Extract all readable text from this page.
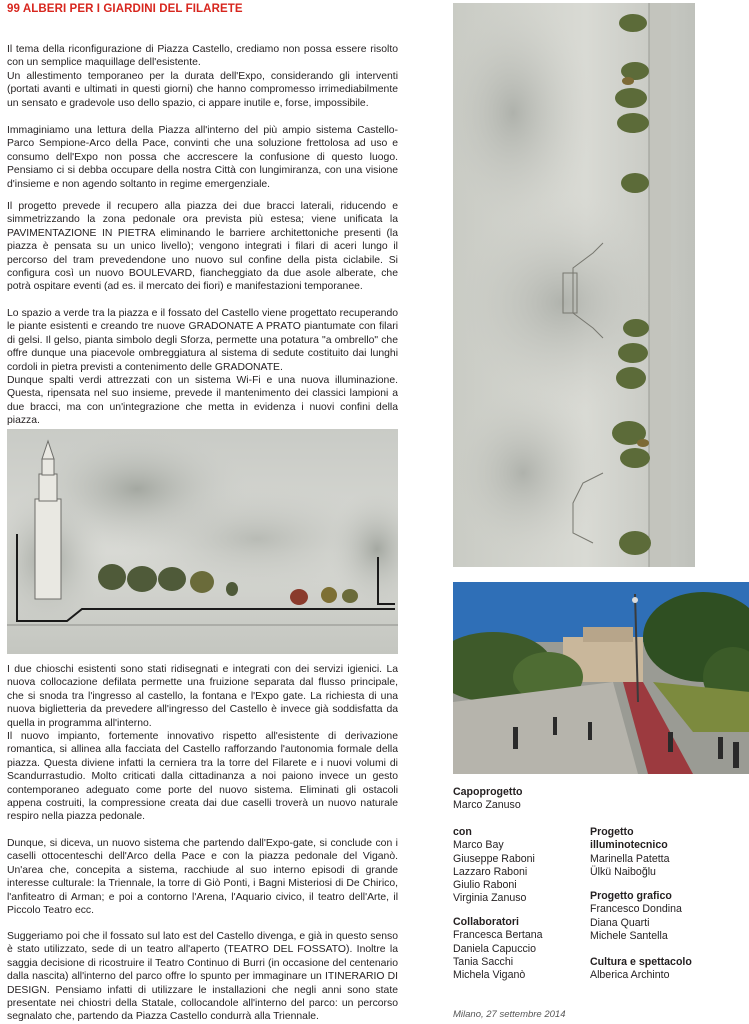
99 ALBERI PER I GIARDINI DEL FILARETE

Il tema della riconfigurazione di Piazza Castello, crediamo non possa essere risolto con un semplice maquillage dell'esistente.

Un allestimento temporaneo per la durata dell'Expo, considerando gli interventi (portati avanti e ultimati in questi giorni) che hanno compromesso irrimediabilmente un sensato e gradevole uso dello spazio, ci appare inutile e, forse, impossibile.

Immaginiamo una lettura della Piazza all'interno del più ampio sistema Castello-Parco Sempione-Arco della Pace, convinti che una soluzione frettolosa ad uso e consumo dell'Expo non possa che accrescere la confusione di questo luogo. Pensiamo ci si debba occupare della nostra Città con lungimiranza, con una visione d'insieme e non agendo soltanto in regime emergenziale.

Il progetto prevede il recupero alla piazza dei due bracci laterali, riducendo e simmetrizzando la zona pedonale ora prevista più estesa; viene unificata la PAVIMENTAZIONE IN PIETRA eliminando le barriere architettoniche presenti (la piazza è pensata su un unico livello); vengono integrati i filari di aceri lungo il percorso del tram prevedendone uno nuovo sul confine della pista ciclabile. Si configura così un nuovo BOULEVARD, fiancheggiato da due asole alberate, che potrà ospitare eventi (ad es. il mercato dei fiori) e manifestazioni temporanee.

Lo spazio a verde tra la piazza e il fossato del Castello viene progettato recuperando le piante esistenti e creando tre nuove GRADONATE A PRATO piantumate con filari di gelsi. Il gelso, pianta simbolo degli Sforza, permette una potatura "a ombrello" che offre dunque una piacevole ombreggiatura al sistema di sedute costituito dai lunghi cordoli in pietra previsti a contenimento delle GRADONATE.

Dunque spalti verdi attrezzati con un sistema Wi-Fi e una nuova illuminazione. Questa, ripensata nel suo insieme, prevede il mantenimento dei classici lampioni a due bracci, ma con un'integrazione che metta in evidenza i nuovi confini della piazza.

I due chioschi esistenti sono stati ridisegnati e integrati con dei servizi igienici. La nuova collocazione defilata permette una fruizione separata dal flusso principale, che si snoda tra l'ingresso al castello, la fontana e l'Expo gate. La richiesta di una nuova biglietteria da prevedere all'ingresso del Castello è invece già soddisfatta da quella in programma all'interno.

Il nuovo impianto, fortemente innovativo rispetto all'esistente di derivazione romantica, si allinea alla facciata del Castello rafforzando l'autonomia formale della piazza. Questa diviene infatti la cerniera tra la torre del Filarete e i nuovi volumi di Scandurrastudio. Molto criticati dalla cittadinanza a noi paiono invece un gesto contemporaneo adeguato come porte del nuovo sistema. Eliminati gli ostacoli appena costruiti, la compressione creata dai due caselli troverà un nuovo naturale respiro nella piazza pedonale.

Dunque, si diceva, un nuovo sistema che partendo dall'Expo-gate, si conclude con i caselli ottocenteschi dell'Arco della Pace e con la piazza pedonale del Viganò. Un'area che, concepita a sistema, racchiude al suo interno episodi di grande interesse culturale: la Triennale, la torre di Giò Ponti, i Bagni Misteriosi di De Chirico, l'anfiteatro di Arman; e poi a contorno l'Arena, l'Aquario civico, il teatro dell'Arte, il Piccolo Teatro ecc.

Suggeriamo poi che il fossato sul lato est del Castello divenga, e già in questo senso è stato utilizzato, sede di un teatro all'aperto (TEATRO DEL FOSSATO). Inoltre la saggia decisione di ricostruire il Teatro Continuo di Burri (in occasione del centenario dalla nascita) all'interno del parco offre lo spunto per immaginare un ITINERARIO DI DESIGN. Pensiamo infatti di utilizzare le installazioni che negli anni sono state presentate nei chiostri della Statale, collocandole all'interno del parco: un percorso segnalato che, partendo da Piazza Castello condurrà alla Triennale.

Capoprogetto
Marco Zanuso
con
Marco Bay
Giuseppe Raboni
Lazzaro Raboni
Giulio Raboni
Virginia Zanuso
Collaboratori
Francesca Bertana
Daniela Capuccio
Tania Sacchi
Michela Viganò
Progetto
illuminotecnico
Marinella Patetta
Ülkü Naiboğlu
Progetto grafico
Francesco Dondina
Diana Quarti
Michele Santella
Cultura e spettacolo
Alberica Archinto
Milano, 27 settembre 2014
